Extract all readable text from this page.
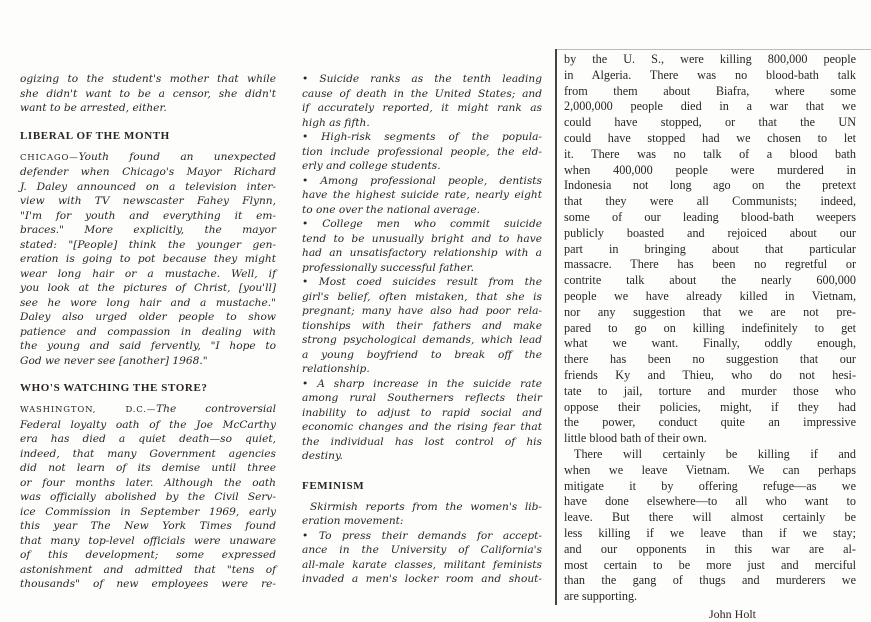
ogizing to the student's mother that while
she didn't want to be a censor, she didn't
want to be arrested, either.

LIBERAL OF THE MONTH

CHICAGO—Youth found an unexpected
defender when Chicago's Mayor Richard
J. Daley announced on a television inter-
view with TV newscaster Fahey Flynn,
"I'm for youth and everything it em-
braces." More explicitly, the mayor
stated: "[People] think the younger gen-
eration is going to pot because they might
wear long hair or a mustache. Well, if
you look at the pictures of Christ, [you'll]
see he wore long hair and a mustache."
Daley also urged older people to show
patience and compassion in dealing with
the young and said fervently, "I hope to
God we never see [another] 1968."

WHO'S WATCHING THE STORE?

WASHINGTON, D.C.—The controversial
Federal loyalty oath of the Joe McCarthy
era has died a quiet death—so quiet,
indeed, that many Government agencies
did not learn of its demise until three
or four months later. Although the oath
was officially abolished by the Civil Serv-
ice Commission in September 1969, early
this year The New York Times found
that many top-level officials were unaware
of this development; some expressed
astonishment and admitted that "tens of
thousands" of new employees were re-

• Suicide ranks as the tenth leading
cause of death in the United States; and
if accurately reported, it might rank as
high as fifth.
• High-risk segments of the popula-
tion include professional people, the eld-
erly and college students.
• Among professional people, dentists
have the highest suicide rate, nearly eight
to one over the national average.
• College men who commit suicide
tend to be unusually bright and to have
had an unsatisfactory relationship with a
professionally successful father.
• Most coed suicides result from the
girl's belief, often mistaken, that she is
pregnant; many have also had poor rela-
tionships with their fathers and make
strong psychological demands, which lead
a young boyfriend to break off the
relationship.
• A sharp increase in the suicide rate
among rural Southerners reflects their
inability to adjust to rapid social and
economic changes and the rising fear that
the individual has lost control of his
destiny.

FEMINISM

Skirmish reports from the women's lib-
eration movement:
• To press their demands for accept-
ance in the University of California's
all-male karate classes, militant feminists
invaded a men's locker room and shout-

by the U. S., were killing 800,000 people
in Algeria. There was no blood-bath talk
from them about Biafra, where some
2,000,000 people died in a war that we
could have stopped, or that the UN
could have stopped had we chosen to let
it. There was no talk of a blood bath
when 400,000 people were murdered in
Indonesia not long ago on the pretext
that they were all Communists; indeed,
some of our leading blood-bath weepers
publicly boasted and rejoiced about our
part in bringing about that particular
massacre. There has been no regretful or
contrite talk about the nearly 600,000
people we have already killed in Vietnam,
nor any suggestion that we are not pre-
pared to go on killing indefinitely to get
what we want. Finally, oddly enough,
there has been no suggestion that our
friends Ky and Thieu, who do not hesi-
tate to jail, torture and murder those who
oppose their policies, might, if they had
the power, conduct quite an impressive
little blood bath of their own.

There will certainly be killing if and
when we leave Vietnam. We can perhaps
mitigate it by offering refuge—as we
have done elsewhere—to all who want to
leave. But there will almost certainly be
less killing if we leave than if we stay;
and our opponents in this war are al-
most certain to be more just and merciful
than the gang of thugs and murderers we
are supporting.

John Holt
